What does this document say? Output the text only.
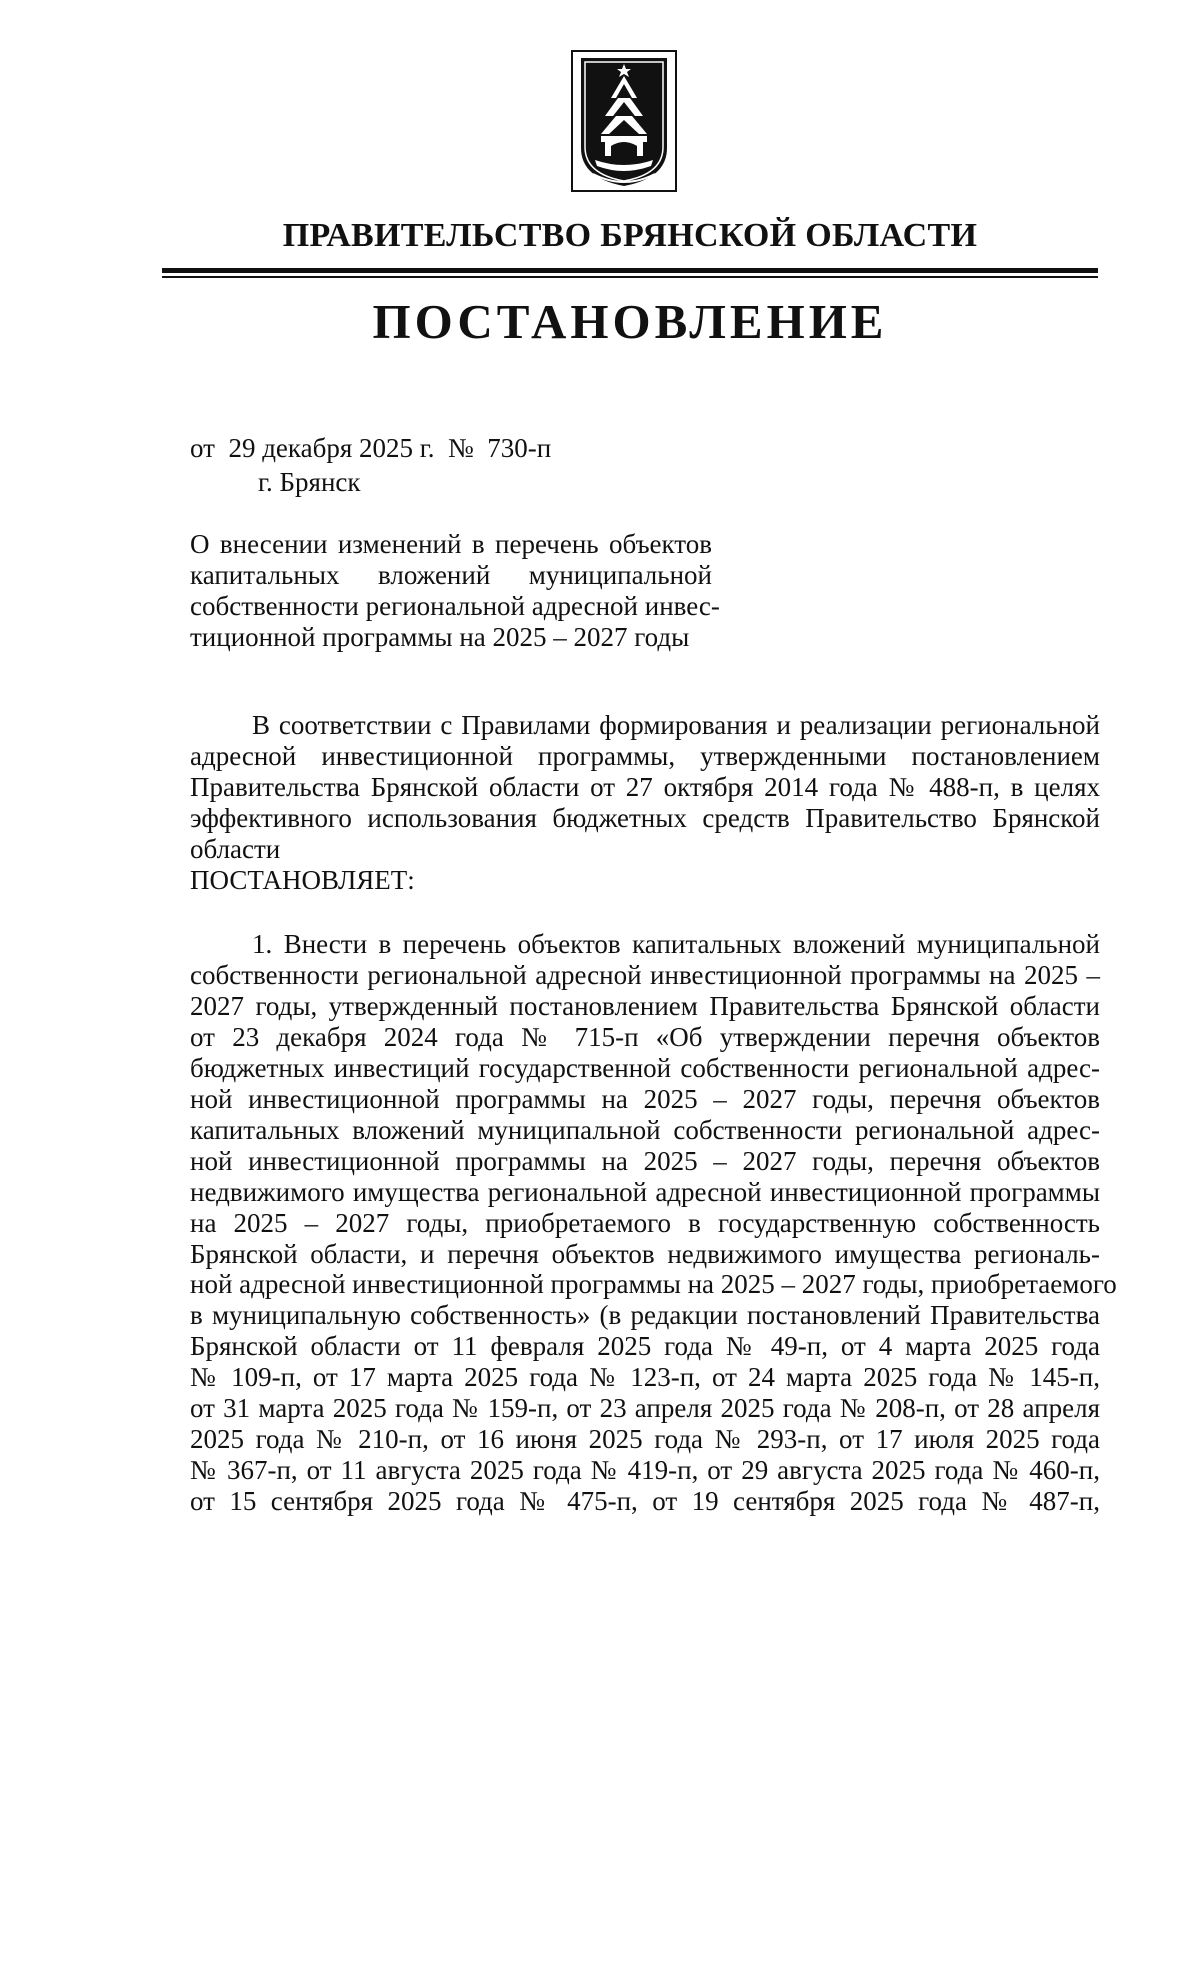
ПРАВИТЕЛЬСТВО БРЯНСКОЙ ОБЛАСТИ
ПОСТАНОВЛЕНИЕ
от  29 декабря 2025 г.  №  730-п
г. Брянск
О внесении изменений в перечень объектов
капитальных вложений муниципальной
собственности региональной адресной инвес-
тиционной программы на 2025 – 2027 годы
В соответствии с Правилами формирования и реализации региональной
адресной инвестиционной программы, утвержденными постановлением
Правительства Брянской области от 27 октября 2014 года № 488-п, в целях
эффективного использования бюджетных средств Правительство Брянской
области
ПОСТАНОВЛЯЕТ:
1. Внести в перечень объектов капитальных вложений муниципальной
собственности региональной адресной инвестиционной программы на 2025 –
2027 годы, утвержденный постановлением Правительства Брянской области
от 23 декабря 2024 года № 715-п «Об утверждении перечня объектов
бюджетных инвестиций государственной собственности региональной адрес-
ной инвестиционной программы на 2025 – 2027 годы, перечня объектов
капитальных вложений муниципальной собственности региональной адрес-
ной инвестиционной программы на 2025 – 2027 годы, перечня объектов
недвижимого имущества региональной адресной инвестиционной программы
на 2025 – 2027 годы, приобретаемого в государственную собственность
Брянской области, и перечня объектов недвижимого имущества региональ-
ной адресной инвестиционной программы на 2025 – 2027 годы, приобретаемого
в муниципальную собственность» (в редакции постановлений Правительства
Брянской области от 11 февраля 2025 года № 49-п, от 4 марта 2025 года
№ 109-п, от 17 марта 2025 года № 123-п, от 24 марта 2025 года № 145-п,
от 31 марта 2025 года № 159-п, от 23 апреля 2025 года № 208-п, от 28 апреля
2025 года № 210-п, от 16 июня 2025 года № 293-п, от 17 июля 2025 года
№ 367-п, от 11 августа 2025 года № 419-п, от 29 августа 2025 года № 460-п,
от 15 сентября 2025 года № 475-п, от 19 сентября 2025 года № 487-п,
